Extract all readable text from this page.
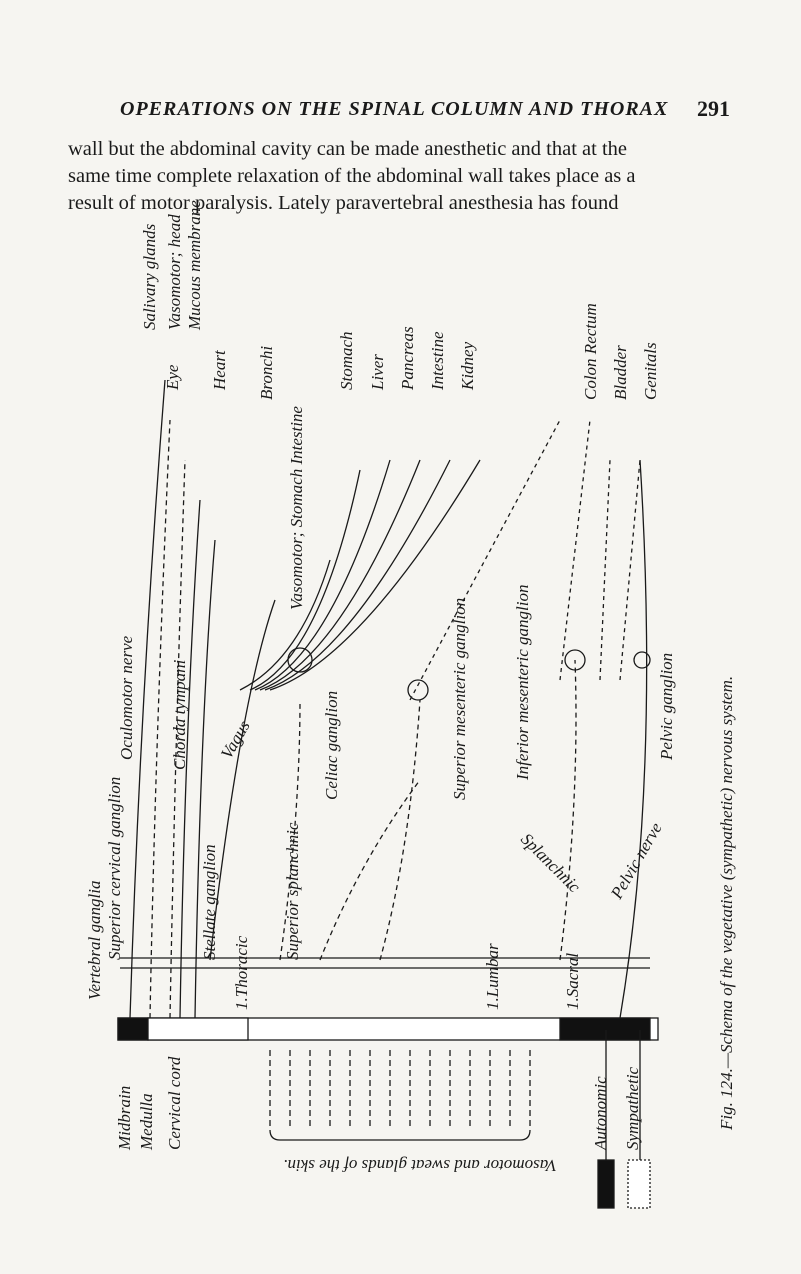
OPERATIONS ON THE SPINAL COLUMN AND THORAX 291
wall but the abdominal cavity can be made anesthetic and that at the
same time complete relaxation of the abdominal wall takes place as a
result of motor paralysis. Lately paravertebral anesthesia has found
Eye
Salivary glands Vasomotor; head Mucous membrane
Heart Bronchi
Vasomotor; Stomach Intestine
Stomach Liver Pancreas Intestine Kidney	Colon Rectum Bladder Genitals
Oculomotor nerve Chorda tympani Vagus
Splanchnic Pelvic nerve
Vertebral ganglia Superior cervical ganglion	Stellate ganglion	Superior splanchnic
Celiac ganglion	Superior mesenteric ganglion	Inferior mesenteric ganglion	Pelvic ganglion
1.Thoracic	1.Lumbar	1.Sacral
Midbrain Medulla Cervical cord
Vasomotor and sweat glands of the skin.
Autonomic Sympathetic	Fig. 124.—Schema of the vegetative (sympathetic) nervous system.
